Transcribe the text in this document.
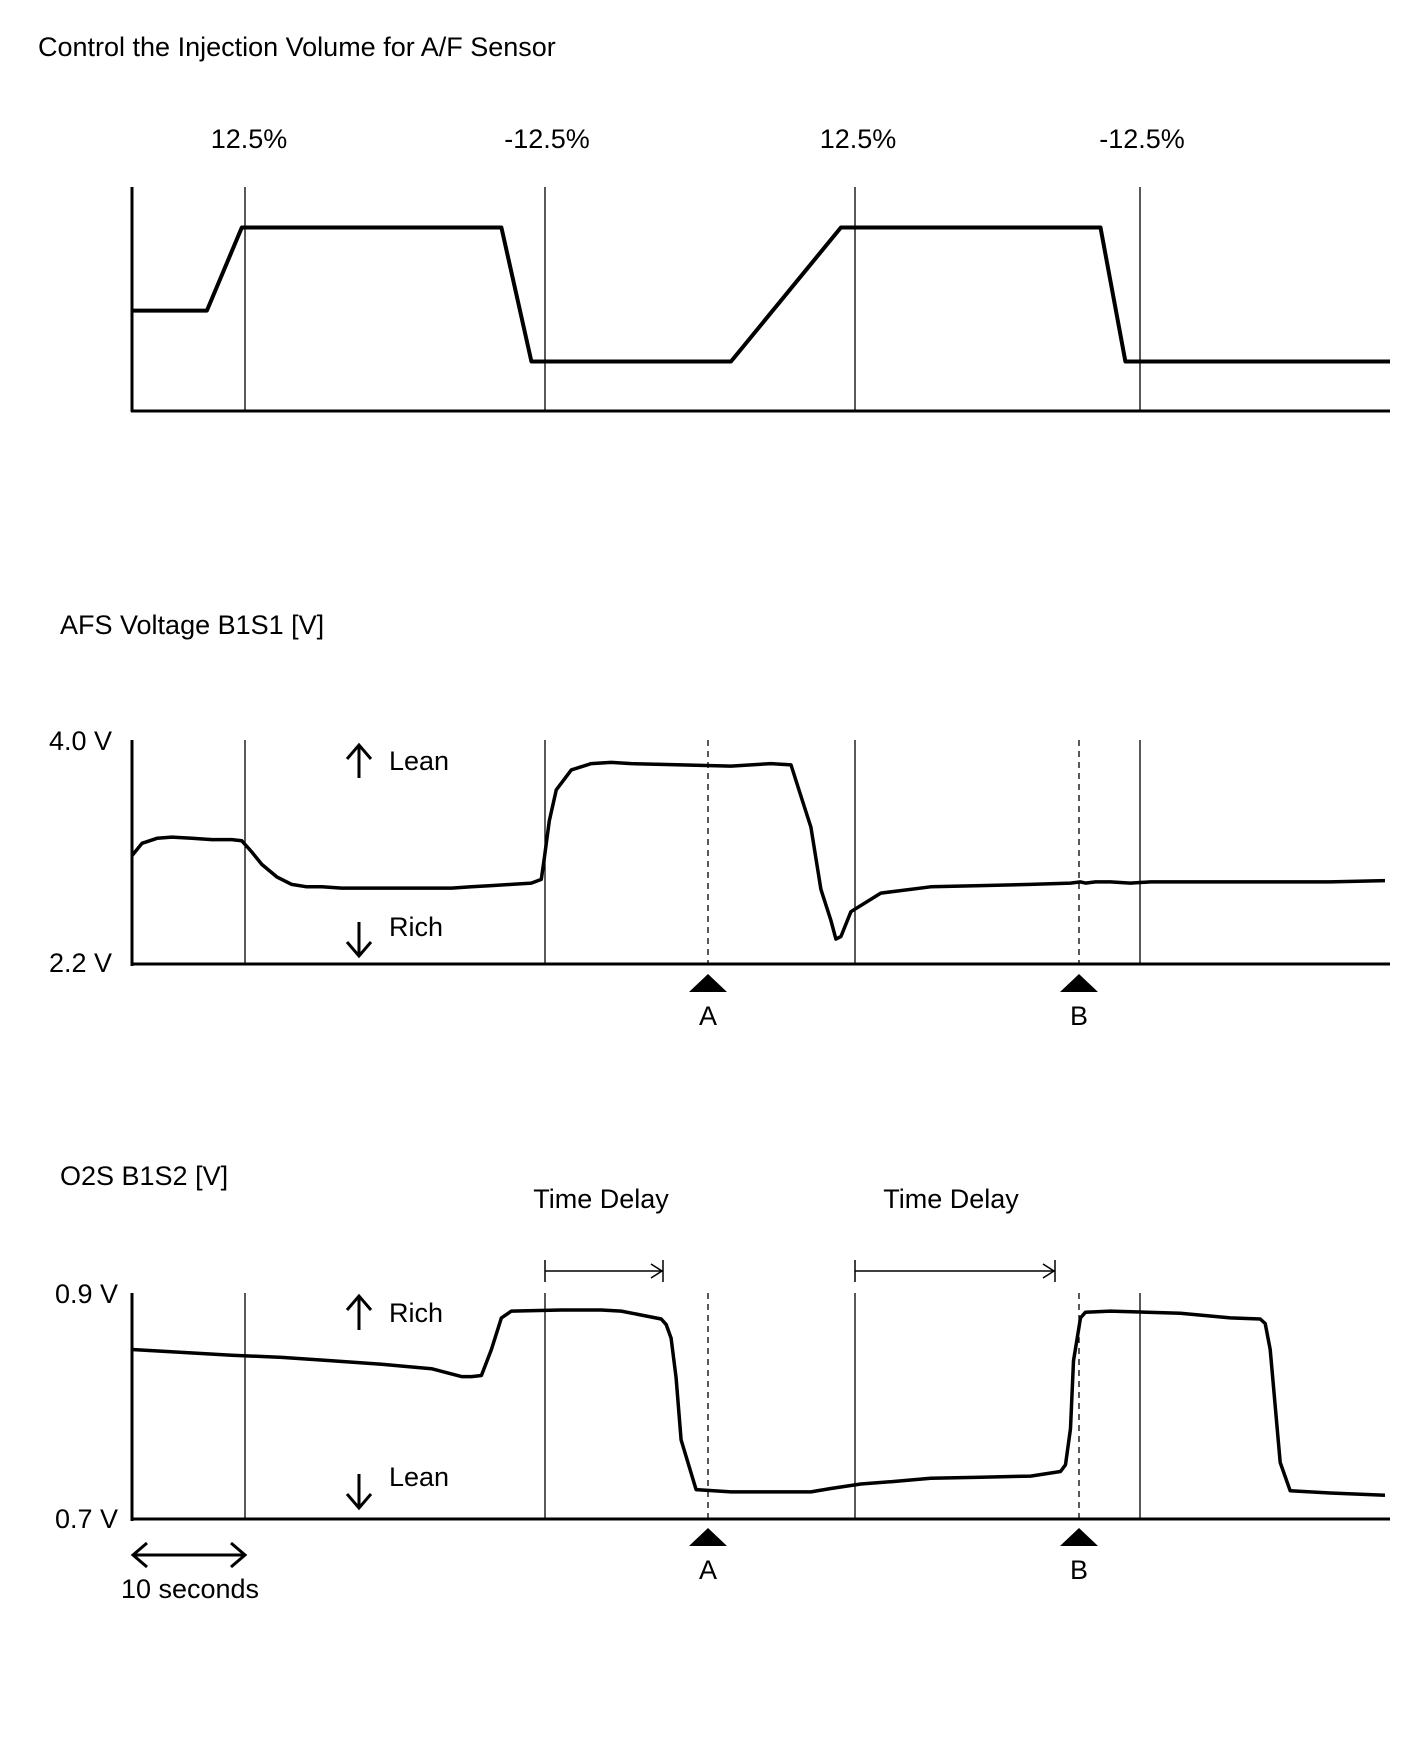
Control the Injection Volume for A/F Sensor
12.5%	-12.5%	12.5%	-12.5%
AFS Voltage B1S1 [V]
4.0 V
2.2 V
Lean
Rich
A	B
O2S B1S2 [V]
0.9 V
0.7 V
Time Delay	Time Delay
Rich
Lean
A	B
10 seconds
